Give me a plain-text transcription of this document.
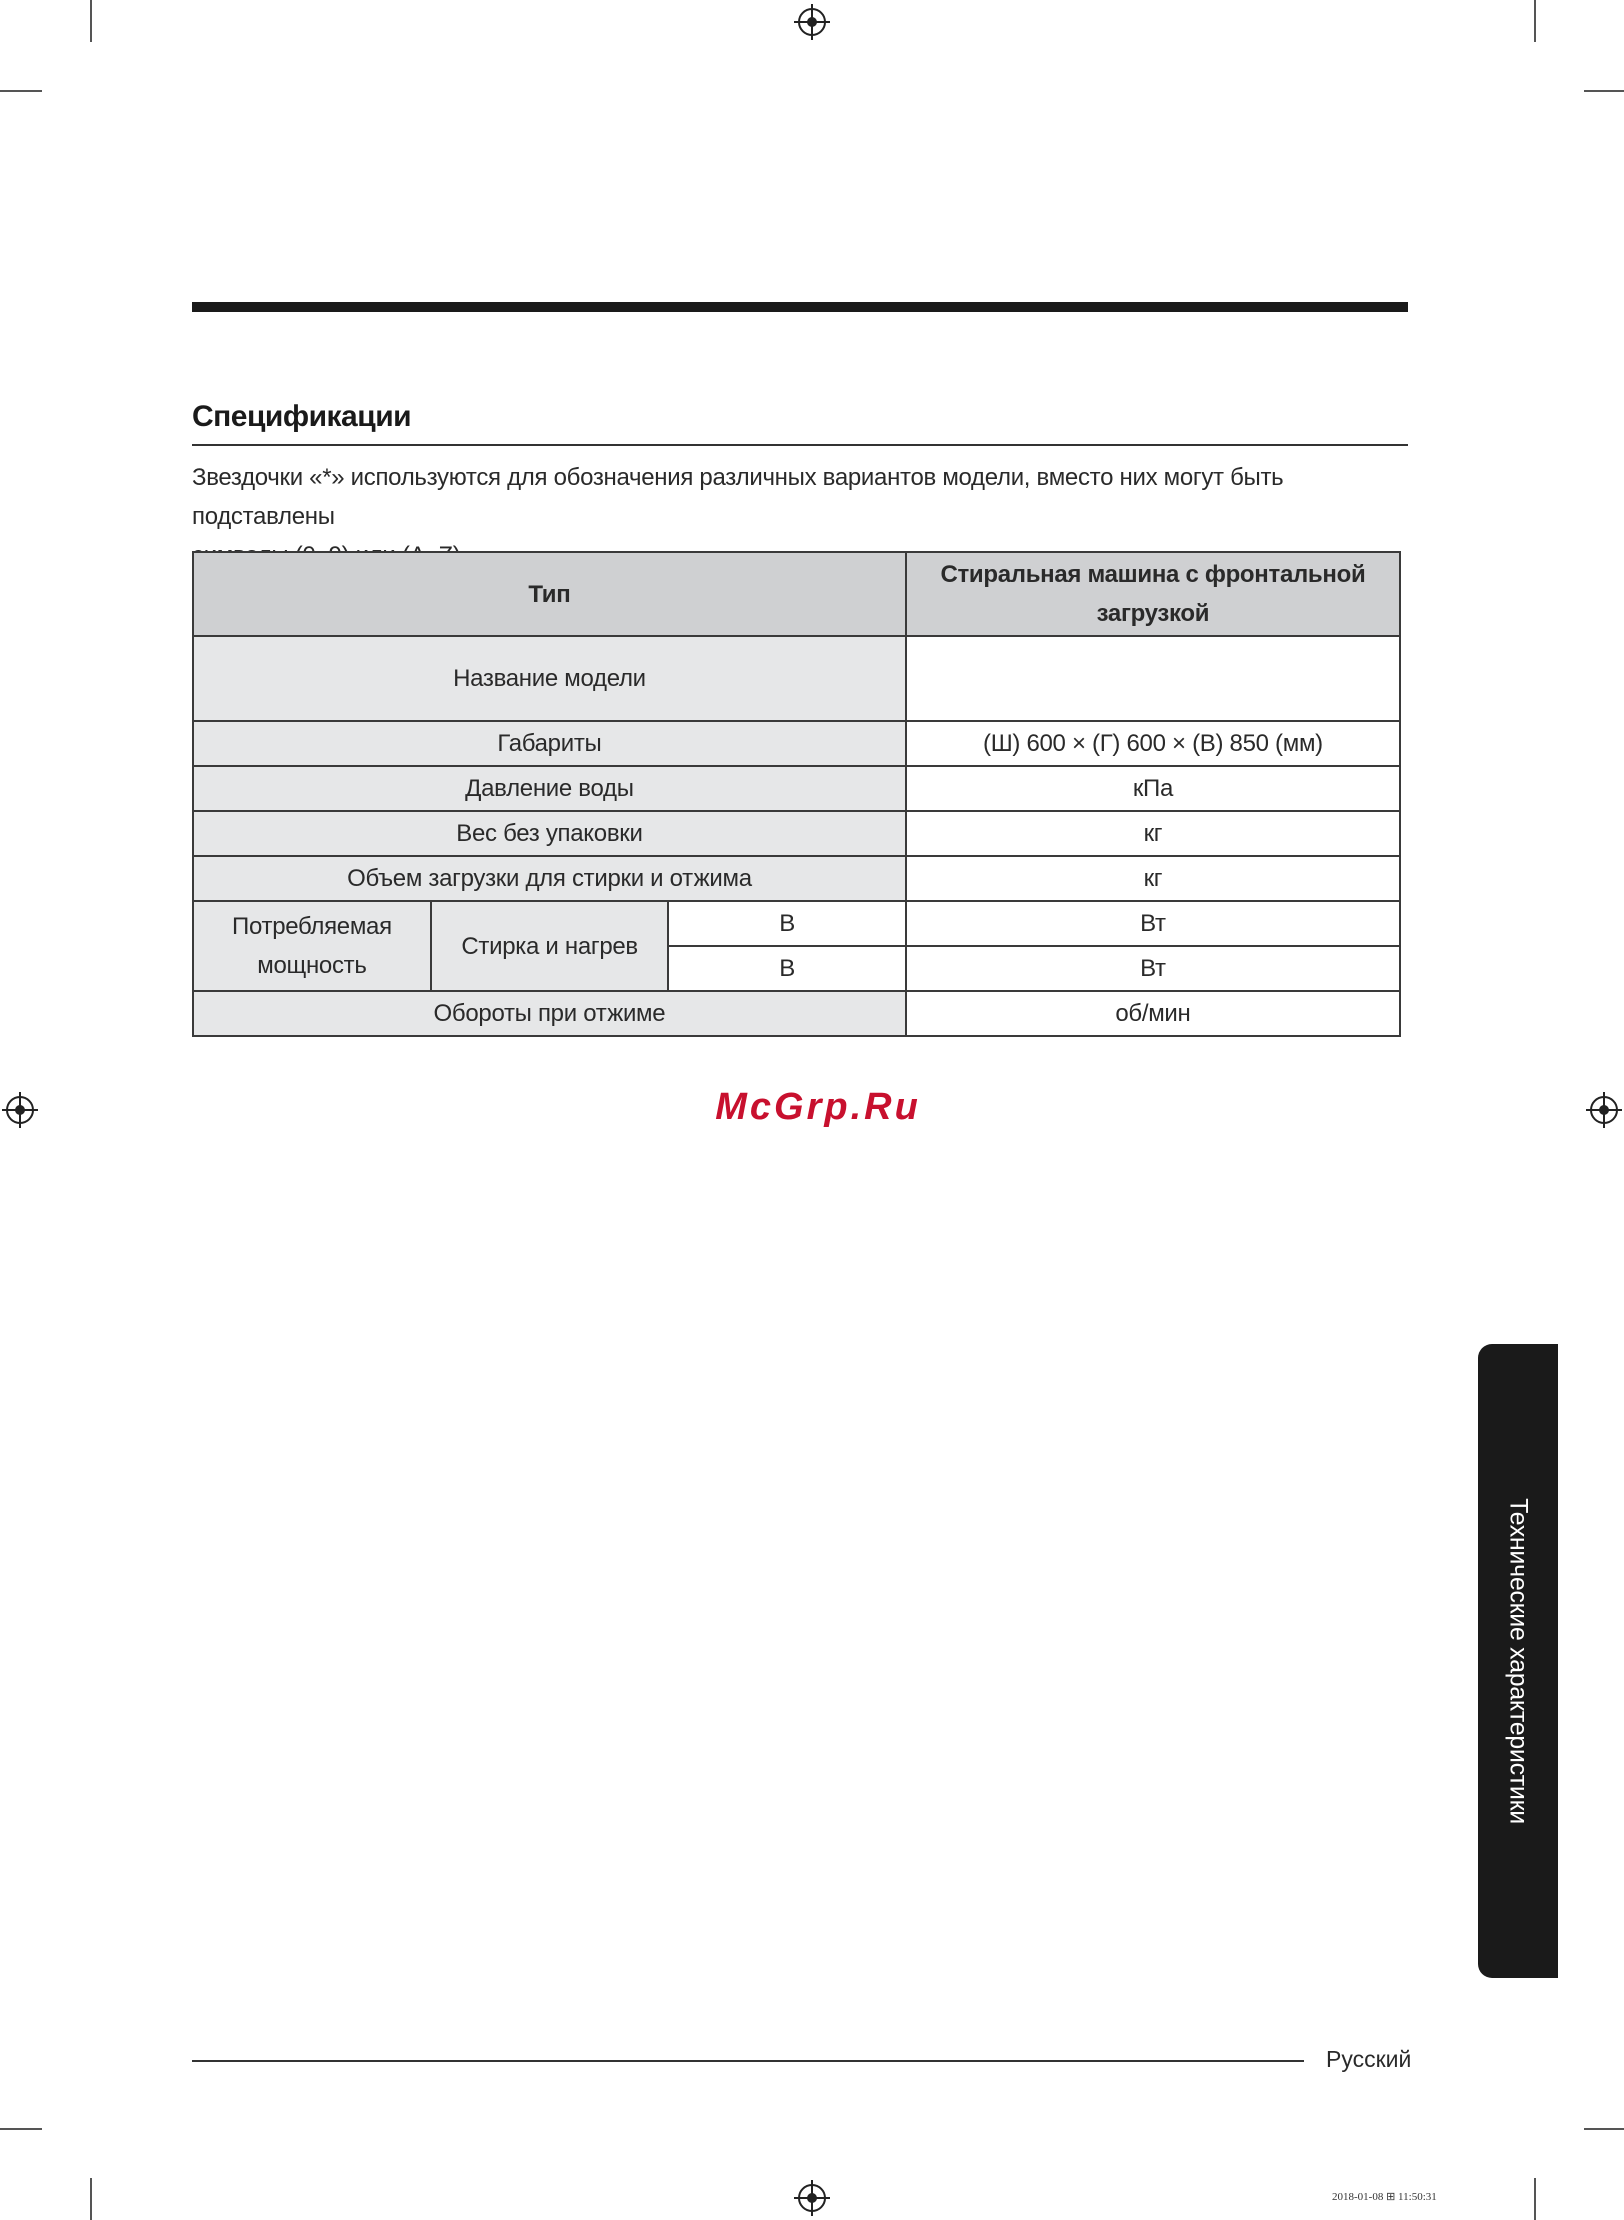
Спецификации
Звездочки «*» используются для обозначения различных вариантов модели, вместо них могут быть подставлены
Тип			Стиральная машина с фронтальной
загрузкой

Название модели			
Габариты			(Ш) 600 × (Г) 600 × (В) 850 (мм)
Давление воды			кПа
Вес без упаковки			кг
Объем загрузки для стирки и отжима			кг

Потребляемая
мощность	Стирка и нагрев	В	Вт
		В	Вт
Обороты при отжиме			об/мин
McGrp.Ru
Технические характеристики
Русский
2018-01-08 ⊞ 11:50:31
